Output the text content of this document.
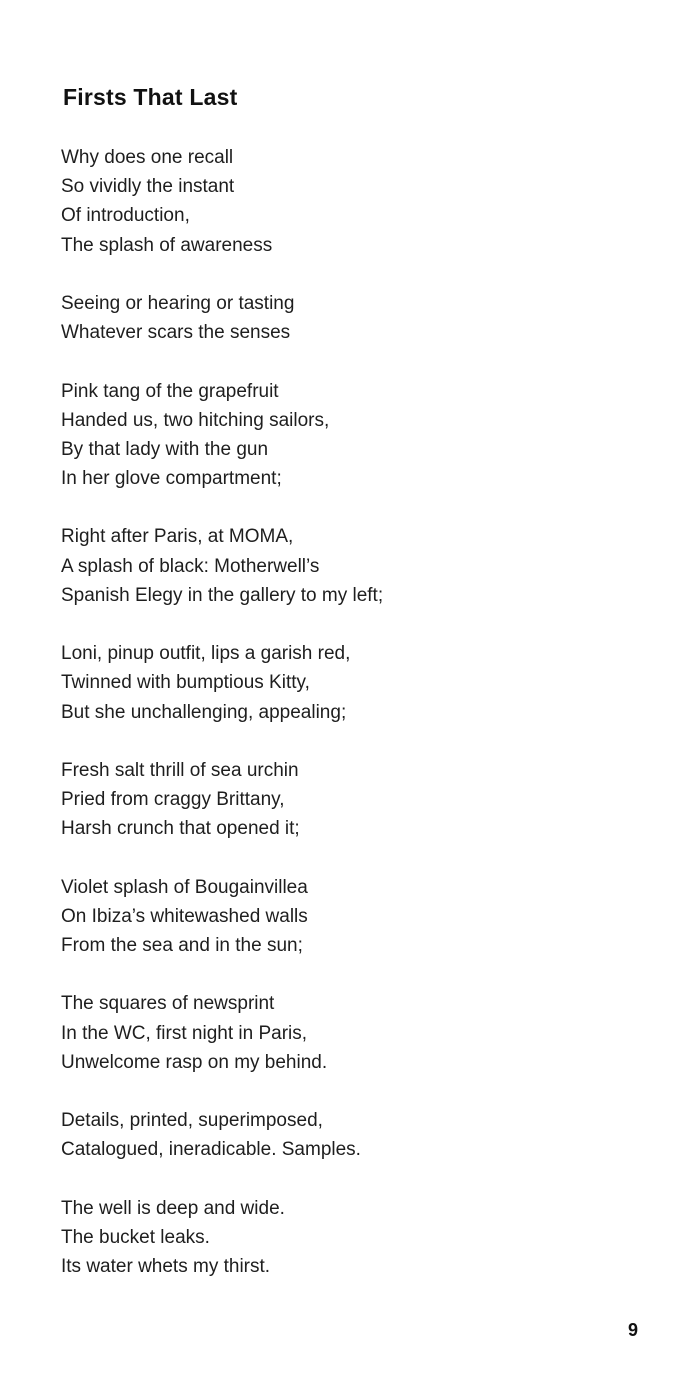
Firsts That Last
Why does one recall
So vividly the instant
Of introduction,
The splash of awareness
Seeing or hearing or tasting
Whatever scars the senses
Pink tang of the grapefruit
Handed us, two hitching sailors,
By that lady with the gun
In her glove compartment;
Right after Paris, at MOMA,
A splash of black: Motherwell’s
Spanish Elegy in the gallery to my left;
Loni, pinup outfit, lips a garish red,
Twinned with bumptious Kitty,
But she unchallenging, appealing;
Fresh salt thrill of sea urchin
Pried from craggy Brittany,
Harsh crunch that opened it;
Violet splash of Bougainvillea
On Ibiza’s whitewashed walls
From the sea and in the sun;
The squares of newsprint
In the WC, first night in Paris,
Unwelcome rasp on my behind.
Details, printed, superimposed,
Catalogued, ineradicable. Samples.
The well is deep and wide.
The bucket leaks.
Its water whets my thirst.
9
